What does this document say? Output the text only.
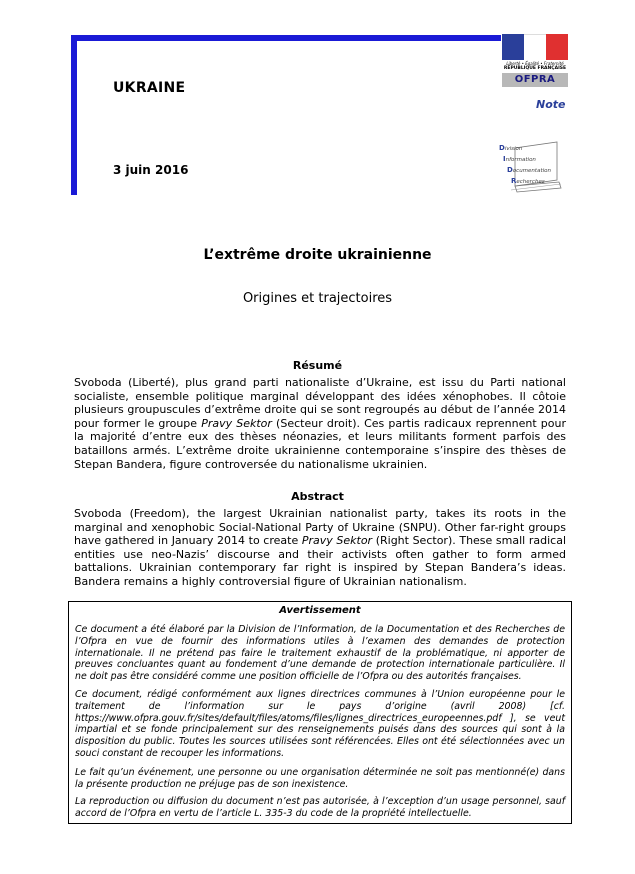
UKRAINE
3 juin 2016
Liberté • Égalité • Fraternité
RÉPUBLIQUE FRANÇAISE
OFPRA
Note
Division
Information
Documentation
Recherches
L’extrême droite ukrainienne
Origines et trajectoires
Résumé
Svoboda (Liberté), plus grand parti nationaliste d’Ukraine, est issu du Parti national socialiste, ensemble politique marginal développant des idées xénophobes. Il côtoie plusieurs groupuscules d’extrême droite qui se sont regroupés au début de l’année 2014 pour former le groupe Pravy Sektor (Secteur droit). Ces partis radicaux reprennent pour la majorité d’entre eux des thèses néonazies, et leurs militants forment parfois des bataillons armés. L’extrême droite ukrainienne contemporaine s’inspire des thèses de Stepan Bandera, figure controversée du nationalisme ukrainien.
Abstract
Svoboda (Freedom), the largest Ukrainian nationalist party, takes its roots in the marginal and xenophobic Social-National Party of Ukraine (SNPU). Other far-right groups have gathered in January 2014 to create Pravy Sektor (Right Sector). These small radical entities use neo-Nazis’ discourse and their activists often gather to form armed battalions. Ukrainian contemporary far right is inspired by Stepan Bandera’s ideas. Bandera remains a highly controversial figure of Ukrainian nationalism.
Avertissement

Ce document a été élaboré par la Division de l’Information, de la Documentation et des Recherches de l’Ofpra en vue de fournir des informations utiles à l’examen des demandes de protection internationale. Il ne prétend pas faire le traitement exhaustif de la problématique, ni apporter de preuves concluantes quant au fondement d’une demande de protection internationale particulière. Il ne doit pas être considéré comme une position officielle de l’Ofpra ou des autorités françaises.

Ce document, rédigé conformément aux lignes directrices communes à l’Union européenne pour le traitement de l’information sur le pays d’origine (avril 2008) [cf. https://www.ofpra.gouv.fr/sites/default/files/atoms/files/lignes_directrices_europeennes.pdf ], se veut impartial et se fonde principalement sur des renseignements puisés dans des sources qui sont à la disposition du public. Toutes les sources utilisées sont référencées. Elles ont été sélectionnées avec un souci constant de recouper les informations.

Le fait qu’un événement, une personne ou une organisation déterminée ne soit pas mentionné(e) dans la présente production ne préjuge pas de son inexistence.

La reproduction ou diffusion du document n’est pas autorisée, à l’exception d’un usage personnel, sauf accord de l’Ofpra en vertu de l’article L. 335-3 du code de la propriété intellectuelle.
